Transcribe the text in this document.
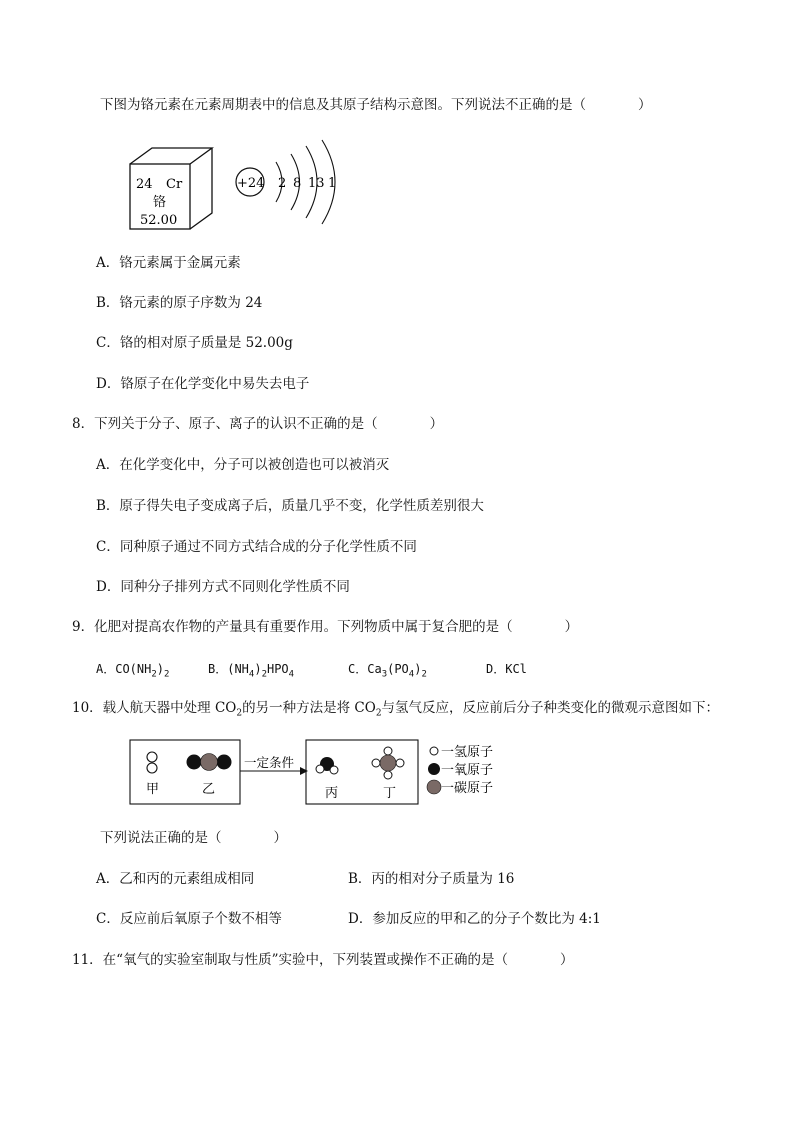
下图为铬元素在元素周期表中的信息及其原子结构示意图。下列说法不正确的是（	）
24 Cr
铬
52.00
+24 2 8 13 1
A．铬元素属于金属元素
B．铬元素的原子序数为 24
C．铬的相对原子质量是 52.00g
D．铬原子在化学变化中易失去电子
8．下列关于分子、原子、离子的认识不正确的是（	）
A．在化学变化中，分子可以被创造也可以被消灭
B．原子得失电子变成离子后，质量几乎不变，化学性质差别很大
C．同种原子通过不同方式结合成的分子化学性质不同
D．同种分子排列方式不同则化学性质不同
9．化肥对提高农作物的产量具有重要作用。下列物质中属于复合肥的是（	）
A．$CO(NH_2)_2$	B．$(NH_4)_2HPO_4$	C．$Ca_3(PO_4)_2$	D．KCl
10．载人航天器中处理 $CO_2$的另一种方法是将 $CO_2$与氢气反应，反应前后分子种类变化的微观示意图如下：
甲	乙
一定条件
丙	丁
一氢原子
一氧原子
一碳原子
下列说法正确的是（	）
A．乙和丙的元素组成相同	B．丙的相对分子质量为 16
C．反应前后氧原子个数不相等	D．参加反应的甲和乙的分子个数比为 4:1
11．在“氧气的实验室制取与性质”实验中，下列装置或操作不正确的是（	）
